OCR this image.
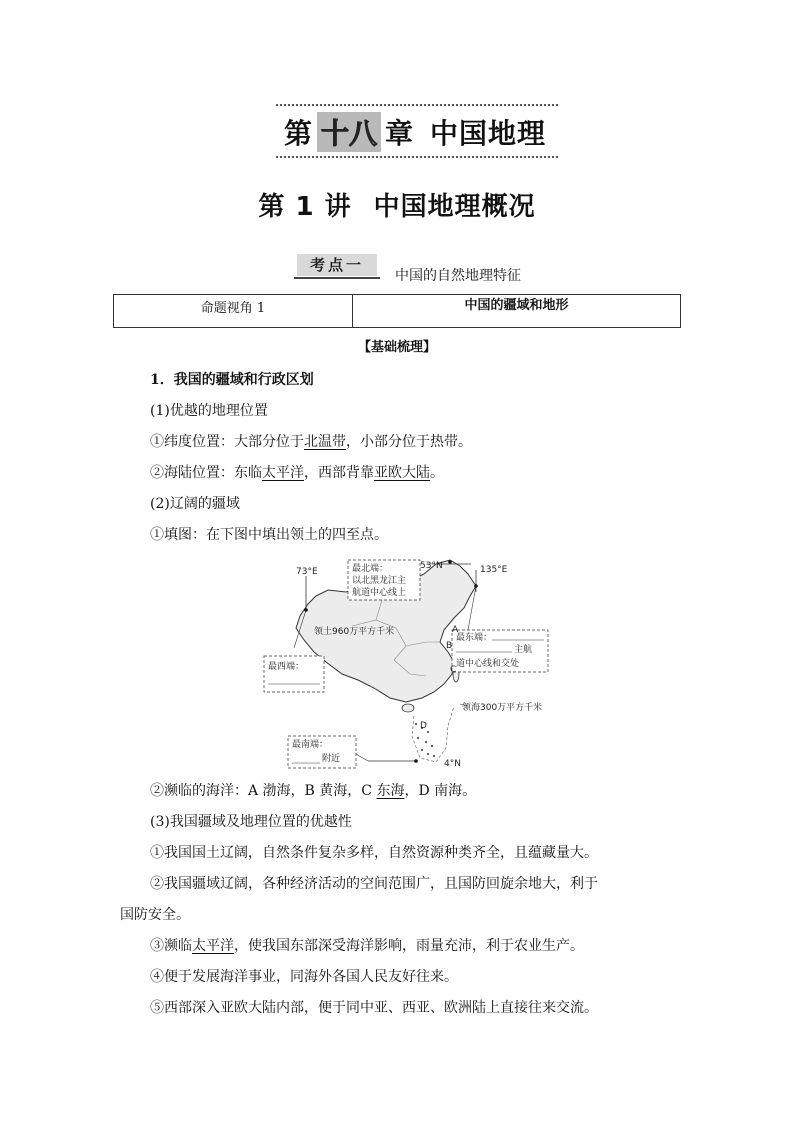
第 十八 章 中国地理
第 1 讲 中国地理概况
考点一
中国的自然地理特征
命题视角 1	中国的疆域和地形
【基础梳理】
1．我国的疆域和行政区划
(1)优越的地理位置
①纬度位置：大部分位于北温带，小部分位于热带。
②海陆位置：东临太平洋，西部背靠亚欧大陆。
(2)辽阔的疆域
①填图：在下图中填出领土的四至点。
73°E	135°E
53°N
4°N
最北端：
以北黑龙江主
航道中心线上
最东端：
主航
道中心线和交处
最西端：
最南端：
附近
领土960万平方千米
领海300万平方千米
A
B
C
D
②濒临的海洋：A 渤海，B 黄海，C 东海，D 南海。
(3)我国疆域及地理位置的优越性
①我国国土辽阔，自然条件复杂多样，自然资源种类齐全，且蕴藏量大。
②我国疆域辽阔，各种经济活动的空间范围广，且国防回旋余地大，利于
国防安全。
③濒临太平洋，使我国东部深受海洋影响，雨量充沛，利于农业生产。
④便于发展海洋事业，同海外各国人民友好往来。
⑤西部深入亚欧大陆内部，便于同中亚、西亚、欧洲陆上直接往来交流。
